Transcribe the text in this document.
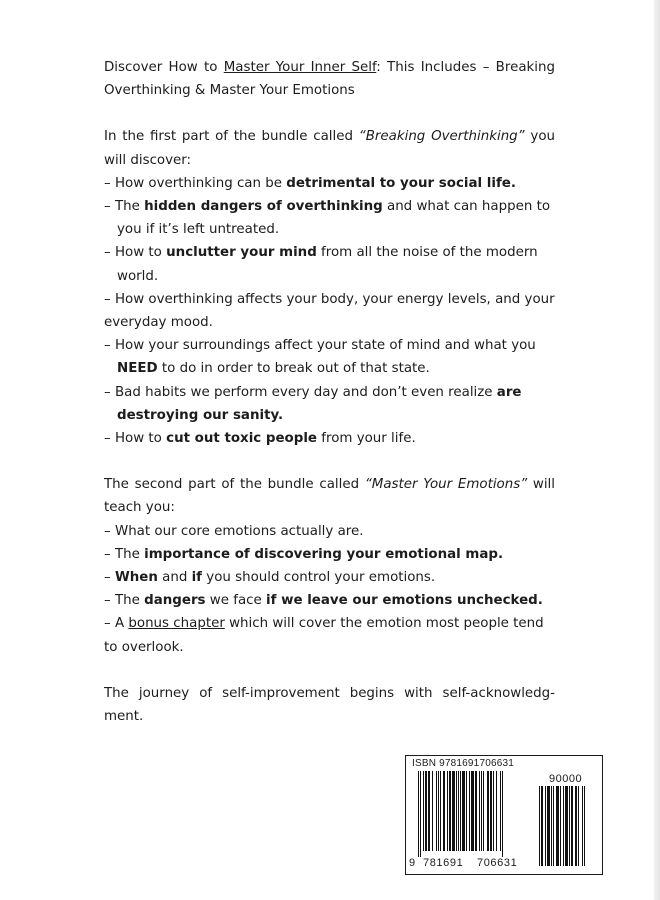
Discover How to Master Your Inner Self: This Includes – Breaking Overthinking & Master Your Emotions

In the first part of the bundle called “Breaking Overthinking” you will discover:

– How overthinking can be detrimental to your social life.

– The hidden dangers of overthinking and what can happen to you if it’s left untreated.

– How to unclutter your mind from all the noise of the modern world.

– How overthinking affects your body, your energy levels, and your everyday mood.

– How your surroundings affect your state of mind and what you NEED to do in order to break out of that state.

– Bad habits we perform every day and don’t even realize are destroying our sanity.

– How to cut out toxic people from your life.

The second part of the bundle called “Master Your Emotions” will teach you:

– What our core emotions actually are.

– The importance of discovering your emotional map.

– When and if you should control your emotions.

– The dangers we face if we leave our emotions unchecked.

– A bonus chapter which will cover the emotion most people tend to overlook.

The journey of self-improvement begins with self-acknowledg-ment.

ISBN 9781691706631
90000
9 781691 706631
